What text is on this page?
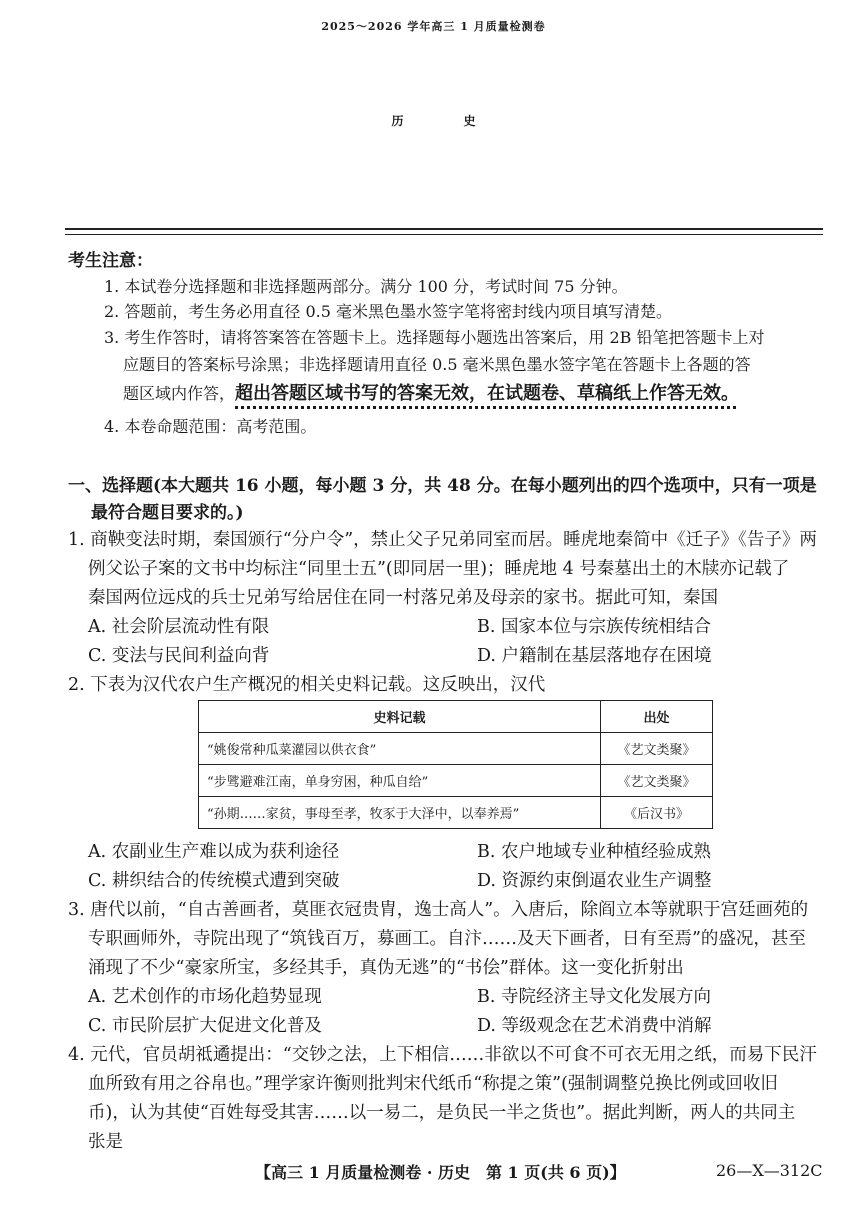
2025～2026 学年高三 1 月质量检测卷
历史
考生注意：
1. 本试卷分选择题和非选择题两部分。满分 100 分，考试时间 75 分钟。
2. 答题前，考生务必用直径 0.5 毫米黑色墨水签字笔将密封线内项目填写清楚。
3. 考生作答时，请将答案答在答题卡上。选择题每小题选出答案后，用 2B 铅笔把答题卡上对
应题目的答案标号涂黑；非选择题请用直径 0.5 毫米黑色墨水签字笔在答题卡上各题的答
题区域内作答，超出答题区域书写的答案无效，在试题卷、草稿纸上作答无效。
4. 本卷命题范围：高考范围。
一、选择题(本大题共 16 小题，每小题 3 分，共 48 分。在每小题列出的四个选项中，只有一项是
最符合题目要求的。)
1. 商鞅变法时期，秦国颁行“分户令”，禁止父子兄弟同室而居。睡虎地秦简中《迁子》《告子》两
例父讼子案的文书中均标注“同里士五”(即同居一里)；睡虎地 4 号秦墓出土的木牍亦记载了
秦国两位远戍的兵士兄弟写给居住在同一村落兄弟及母亲的家书。据此可知，秦国
A. 社会阶层流动性有限	B. 国家本位与宗族传统相结合
C. 变法与民间利益向背	D. 户籍制在基层落地存在困境
2. 下表为汉代农户生产概况的相关史料记载。这反映出，汉代
史料记载	出处
“姚俊常种瓜菜灌园以供衣食”	《艺文类聚》
“步骘避难江南，单身穷困，种瓜自给”	《艺文类聚》
“孙期……家贫，事母至孝，牧豕于大泽中，以奉养焉”	《后汉书》
A. 农副业生产难以成为获利途径	B. 农户地域专业种植经验成熟
C. 耕织结合的传统模式遭到突破	D. 资源约束倒逼农业生产调整
3. 唐代以前，“自古善画者，莫匪衣冠贵胄，逸士高人”。入唐后，除阎立本等就职于宫廷画苑的
专职画师外，寺院出现了“筑钱百万，募画工。自汴……及天下画者，日有至焉”的盛况，甚至
涌现了不少“豪家所宝，多经其手，真伪无逃”的“书侩”群体。这一变化折射出
A. 艺术创作的市场化趋势显现	B. 寺院经济主导文化发展方向
C. 市民阶层扩大促进文化普及	D. 等级观念在艺术消费中消解
4. 元代，官员胡祗遹提出：“交钞之法，上下相信……非欲以不可食不可衣无用之纸，而易下民汗
血所致有用之谷帛也。”理学家许衡则批判宋代纸币“称提之策”(强制调整兑换比例或回收旧
币)，认为其使“百姓每受其害……以一易二，是负民一半之货也”。据此判断，两人的共同主
张是
【高三 1 月质量检测卷 · 历史　第 1 页(共 6 页)】	26—X—312C
